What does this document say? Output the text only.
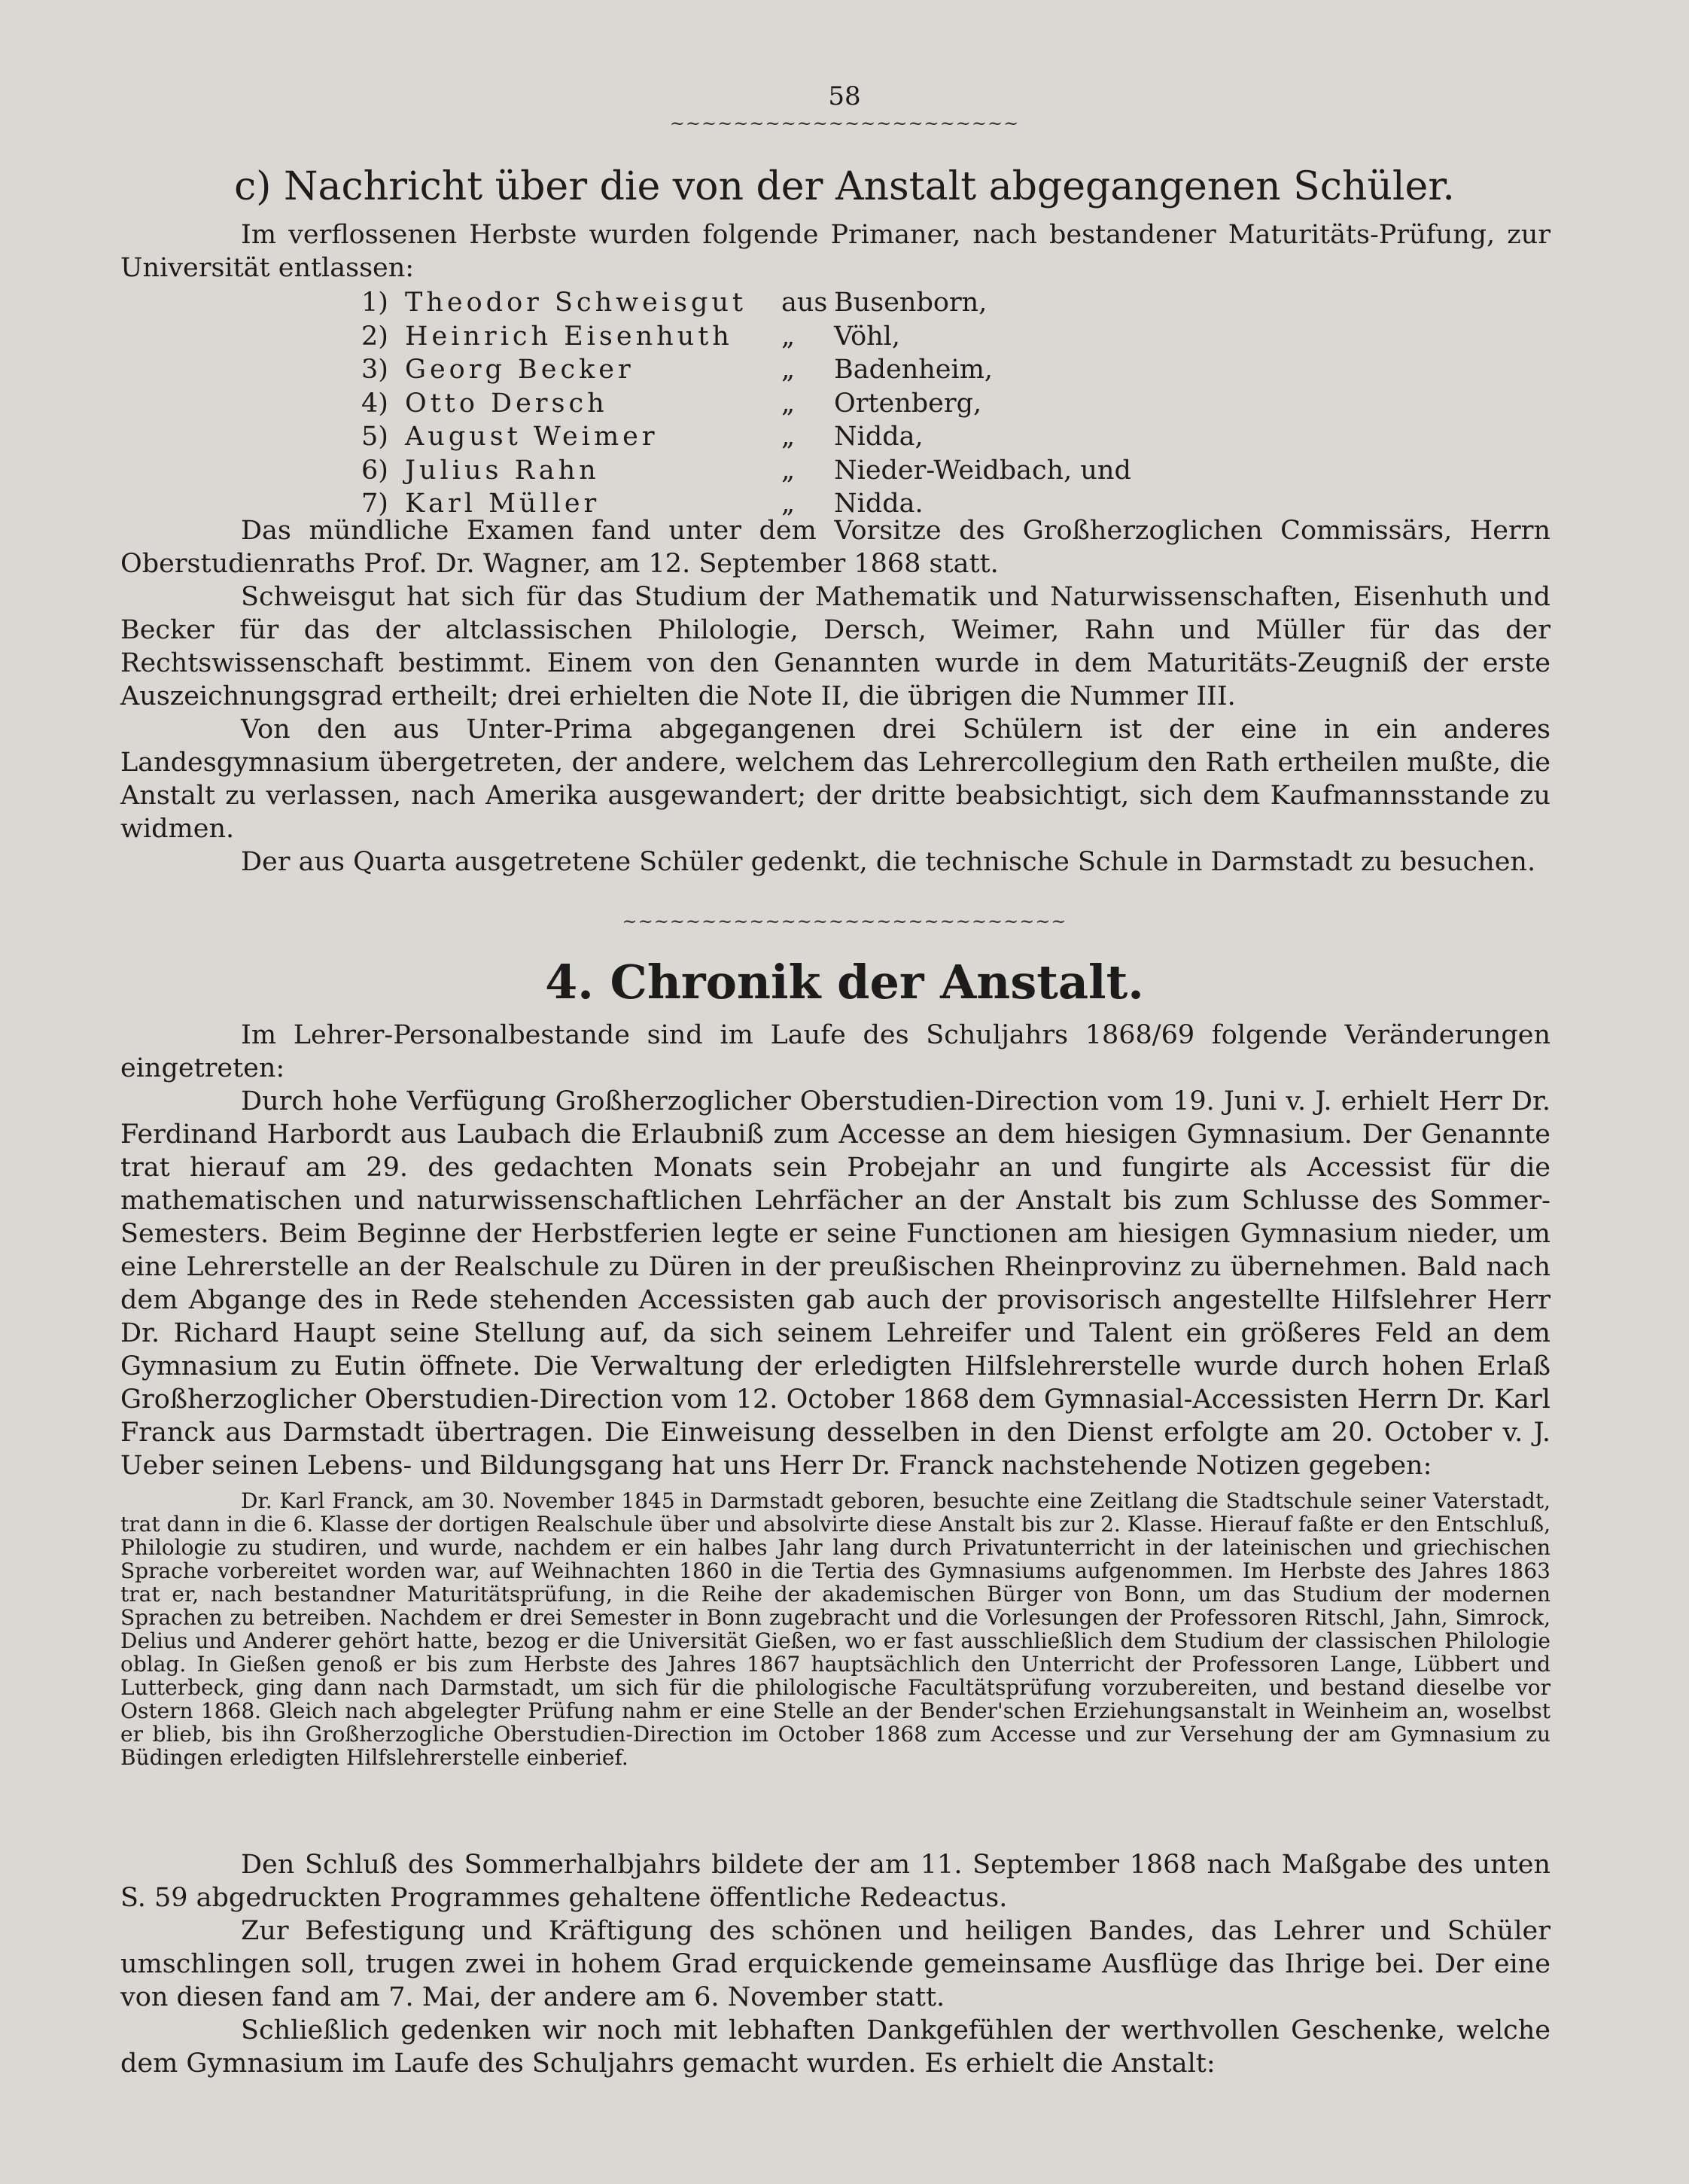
58
~~~~~~~~~~~~~~~~~~~~~~
c) Nachricht über die von der Anstalt abgegangenen Schüler.

Im verflossenen Herbste wurden folgende Primaner, nach bestandener Maturitäts-Prüfung, zur Universität entlassen:

1) Theodor Schweisgut	aus Busenborn,
2) Heinrich Eisenhuth	„	Vöhl,
3) Georg Becker	„	Badenheim,
4) Otto Dersch	„	Ortenberg,
5) August Weimer	„	Nidda,
6) Julius Rahn	„	Nieder-Weidbach, und
7) Karl Müller	„	Nidda.

Das mündliche Examen fand unter dem Vorsitze des Großherzoglichen Commissärs, Herrn Oberstudienraths Prof. Dr. Wagner, am 12. September 1868 statt.

Schweisgut hat sich für das Studium der Mathematik und Naturwissenschaften, Eisenhuth und Becker für das der altclassischen Philologie, Dersch, Weimer, Rahn und Müller für das der Rechtswissenschaft bestimmt. Einem von den Genannten wurde in dem Maturitäts-Zeugniß der erste Auszeichnungsgrad ertheilt; drei erhielten die Note II, die übrigen die Nummer III.

Von den aus Unter-Prima abgegangenen drei Schülern ist der eine in ein anderes Landesgymnasium übergetreten, der andere, welchem das Lehrercollegium den Rath ertheilen mußte, die Anstalt zu verlassen, nach Amerika ausgewandert; der dritte beabsichtigt, sich dem Kaufmannsstande zu widmen.

Der aus Quarta ausgetretene Schüler gedenkt, die technische Schule in Darmstadt zu besuchen.

~~~~~~~~~~~~~~~~~~~~~~~~~~~~
4. Chronik der Anstalt.

Im Lehrer-Personalbestande sind im Laufe des Schuljahrs 1868/69 folgende Veränderungen eingetreten:

Durch hohe Verfügung Großherzoglicher Oberstudien-Direction vom 19. Juni v. J. erhielt Herr Dr. Ferdinand Harbordt aus Laubach die Erlaubniß zum Accesse an dem hiesigen Gymnasium. Der Genannte trat hierauf am 29. des gedachten Monats sein Probejahr an und fungirte als Accessist für die mathematischen und naturwissenschaftlichen Lehrfächer an der Anstalt bis zum Schlusse des Sommer-Semesters. Beim Beginne der Herbstferien legte er seine Functionen am hiesigen Gymnasium nieder, um eine Lehrerstelle an der Realschule zu Düren in der preußischen Rheinprovinz zu übernehmen. Bald nach dem Abgange des in Rede stehenden Accessisten gab auch der provisorisch angestellte Hilfslehrer Herr Dr. Richard Haupt seine Stellung auf, da sich seinem Lehreifer und Talent ein größeres Feld an dem Gymnasium zu Eutin öffnete. Die Verwaltung der erledigten Hilfslehrerstelle wurde durch hohen Erlaß Großherzoglicher Oberstudien-Direction vom 12. October 1868 dem Gymnasial-Accessisten Herrn Dr. Karl Franck aus Darmstadt übertragen. Die Einweisung desselben in den Dienst erfolgte am 20. October v. J. Ueber seinen Lebens- und Bildungsgang hat uns Herr Dr. Franck nachstehende Notizen gegeben:

Dr. Karl Franck, am 30. November 1845 in Darmstadt geboren, besuchte eine Zeitlang die Stadtschule seiner Vaterstadt, trat dann in die 6. Klasse der dortigen Realschule über und absolvirte diese Anstalt bis zur 2. Klasse. Hierauf faßte er den Entschluß, Philologie zu studiren, und wurde, nachdem er ein halbes Jahr lang durch Privatunterricht in der lateinischen und griechischen Sprache vorbereitet worden war, auf Weihnachten 1860 in die Tertia des Gymnasiums aufgenommen. Im Herbste des Jahres 1863 trat er, nach bestandner Maturitätsprüfung, in die Reihe der akademischen Bürger von Bonn, um das Studium der modernen Sprachen zu betreiben. Nachdem er drei Semester in Bonn zugebracht und die Vorlesungen der Professoren Ritschl, Jahn, Simrock, Delius und Anderer gehört hatte, bezog er die Universität Gießen, wo er fast ausschließlich dem Studium der classischen Philologie oblag. In Gießen genoß er bis zum Herbste des Jahres 1867 hauptsächlich den Unterricht der Professoren Lange, Lübbert und Lutterbeck, ging dann nach Darmstadt, um sich für die philologische Facultätsprüfung vorzubereiten, und bestand dieselbe vor Ostern 1868. Gleich nach abgelegter Prüfung nahm er eine Stelle an der Bender'schen Erziehungsanstalt in Weinheim an, woselbst er blieb, bis ihn Großherzogliche Oberstudien-Direction im October 1868 zum Accesse und zur Versehung der am Gymnasium zu Büdingen erledigten Hilfslehrerstelle einberief.

Den Schluß des Sommerhalbjahrs bildete der am 11. September 1868 nach Maßgabe des unten S. 59 abgedruckten Programmes gehaltene öffentliche Redeactus.

Zur Befestigung und Kräftigung des schönen und heiligen Bandes, das Lehrer und Schüler umschlingen soll, trugen zwei in hohem Grad erquickende gemeinsame Ausflüge das Ihrige bei. Der eine von diesen fand am 7. Mai, der andere am 6. November statt.

Schließlich gedenken wir noch mit lebhaften Dankgefühlen der werthvollen Geschenke, welche dem Gymnasium im Laufe des Schuljahrs gemacht wurden. Es erhielt die Anstalt:
